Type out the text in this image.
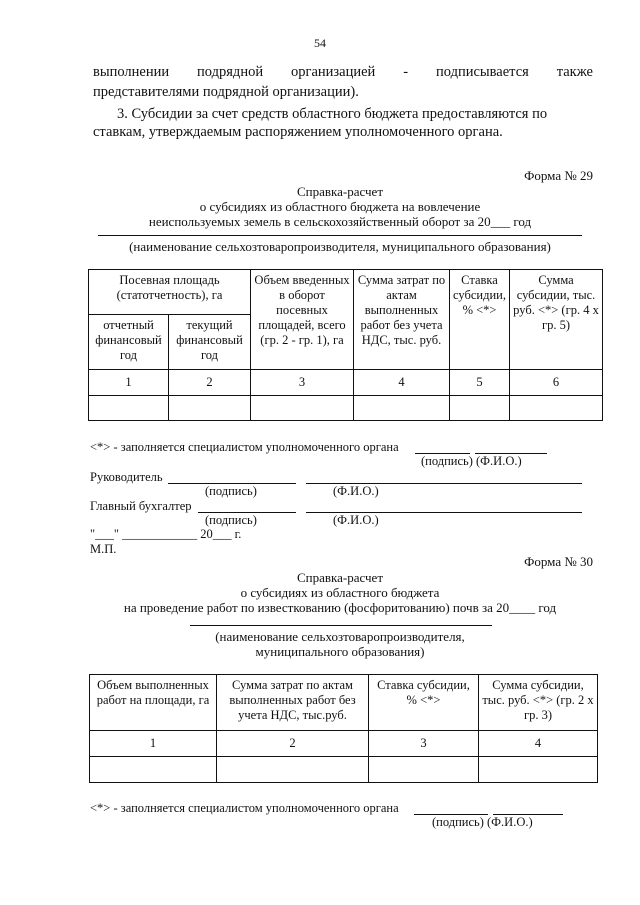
54
выполнении подрядной организацией - подписывается также
представителями подрядной организации).
3. Субсидии за счет средств областного бюджета предоставляются по
ставкам, утверждаемым распоряжением уполномоченного органа.
Форма № 29
Справка-расчет
о субсидиях из областного бюджета на вовлечение
неиспользуемых земель в сельскохозяйственный оборот за 20___ год
(наименование сельхозтоваропроизводителя, муниципального образования)
Посевная площадь (статотчетность), га		Объем введенных в оборот посевных площадей, всего (гр. 2 - гр. 1), га	Сумма затрат по актам выполненных работ без учета НДС, тыс. руб.	Ставка субсидии, % <*>	Сумма субсидии, тыс. руб. <*> (гр. 4 x гр. 5)
отчетный финансовый год	текущий финансовый год				
1	2	3	4	5	6

<*> - заполняется специалистом уполномоченного органа
(подпись) (Ф.И.О.)
Руководитель
(подпись)	(Ф.И.О.)
Главный бухгалтер
(подпись)	(Ф.И.О.)
"___" ____________ 20___ г.
М.П.
Форма № 30
Справка-расчет
о субсидиях из областного бюджета
на проведение работ по известкованию (фосфоритованию) почв за 20____ год
(наименование сельхозтоваропроизводителя,
муниципального образования)
Объем выполненных работ на площади, га	Сумма затрат по актам выполненных работ без учета НДС, тыс.руб.	Ставка субсидии, % <*>	Сумма субсидии, тыс. руб. <*> (гр. 2 x гр. 3)
1	2	3	4

<*> - заполняется специалистом уполномоченного органа
(подпись) (Ф.И.О.)
